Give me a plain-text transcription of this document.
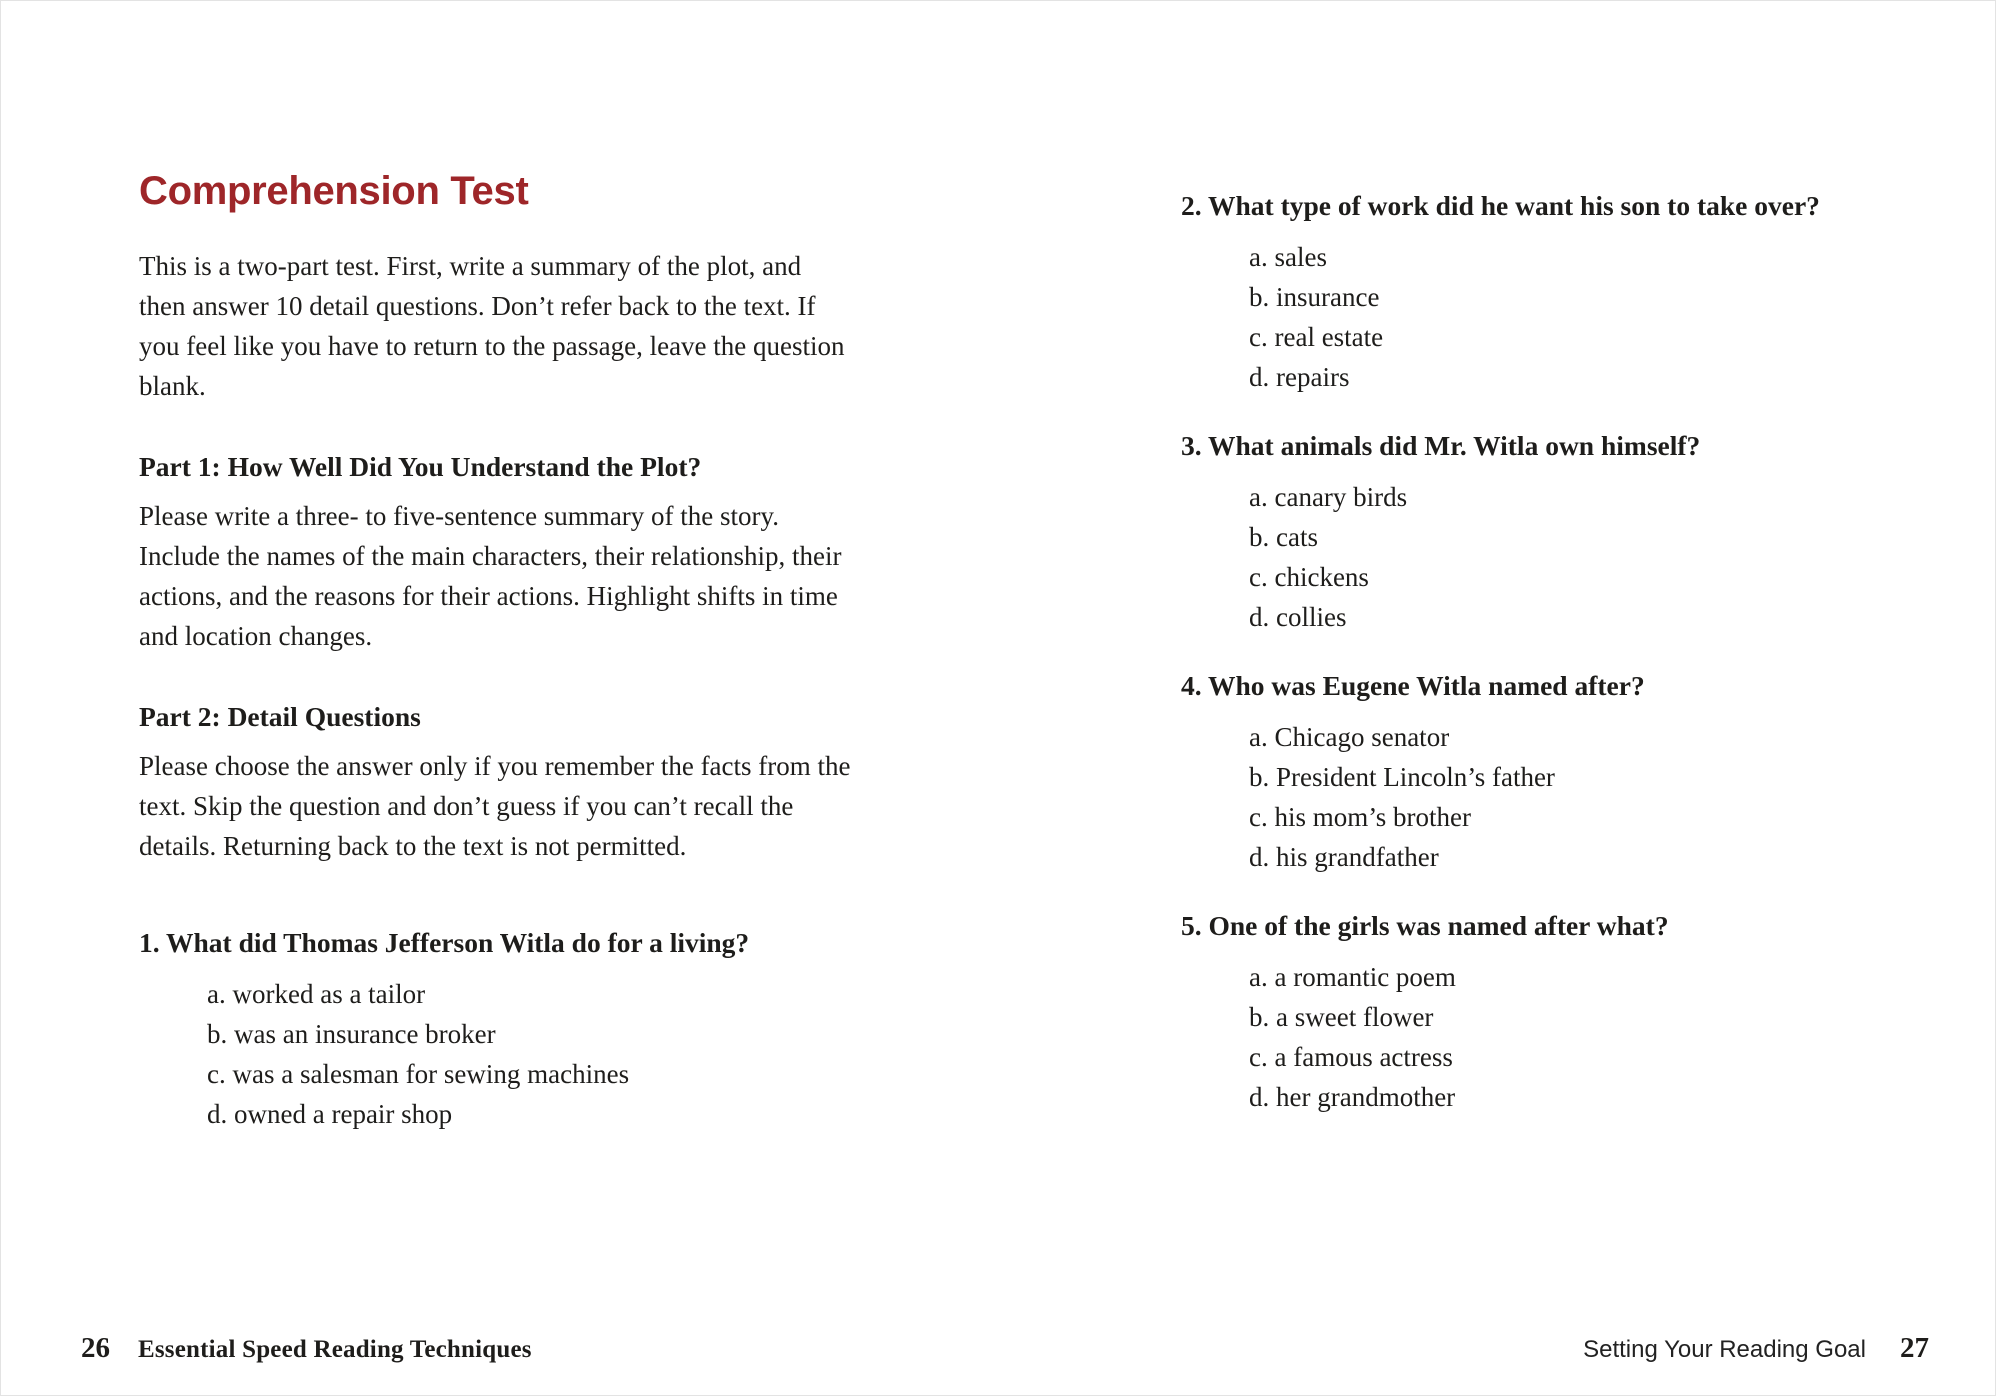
Comprehension Test

This is a two-part test. First, write a summary of the plot, and then answer 10 detail questions. Don’t refer back to the text. If you feel like you have to return to the passage, leave the question blank.

Part 1: How Well Did You Understand the Plot?

Please write a three- to five-sentence summary of the story. Include the names of the main characters, their relationship, their actions, and the reasons for their actions. Highlight shifts in time and location changes.

Part 2: Detail Questions

Please choose the answer only if you remember the facts from the text. Skip the question and don’t guess if you can’t recall the details. Returning back to the text is not permitted.

1. What did Thomas Jefferson Witla do for a living?
a. worked as a tailor
b. was an insurance broker
c. was a salesman for sewing machines
d. owned a repair shop
2. What type of work did he want his son to take over?
a. sales
b. insurance
c. real estate
d. repairs
3. What animals did Mr. Witla own himself?
a. canary birds
b. cats
c. chickens
d. collies
4. Who was Eugene Witla named after?
a. Chicago senator
b. President Lincoln’s father
c. his mom’s brother
d. his grandfather
5. One of the girls was named after what?
a. a romantic poem
b. a sweet flower
c. a famous actress
d. her grandmother
26 Essential Speed Reading Techniques	Setting Your Reading Goal 27
